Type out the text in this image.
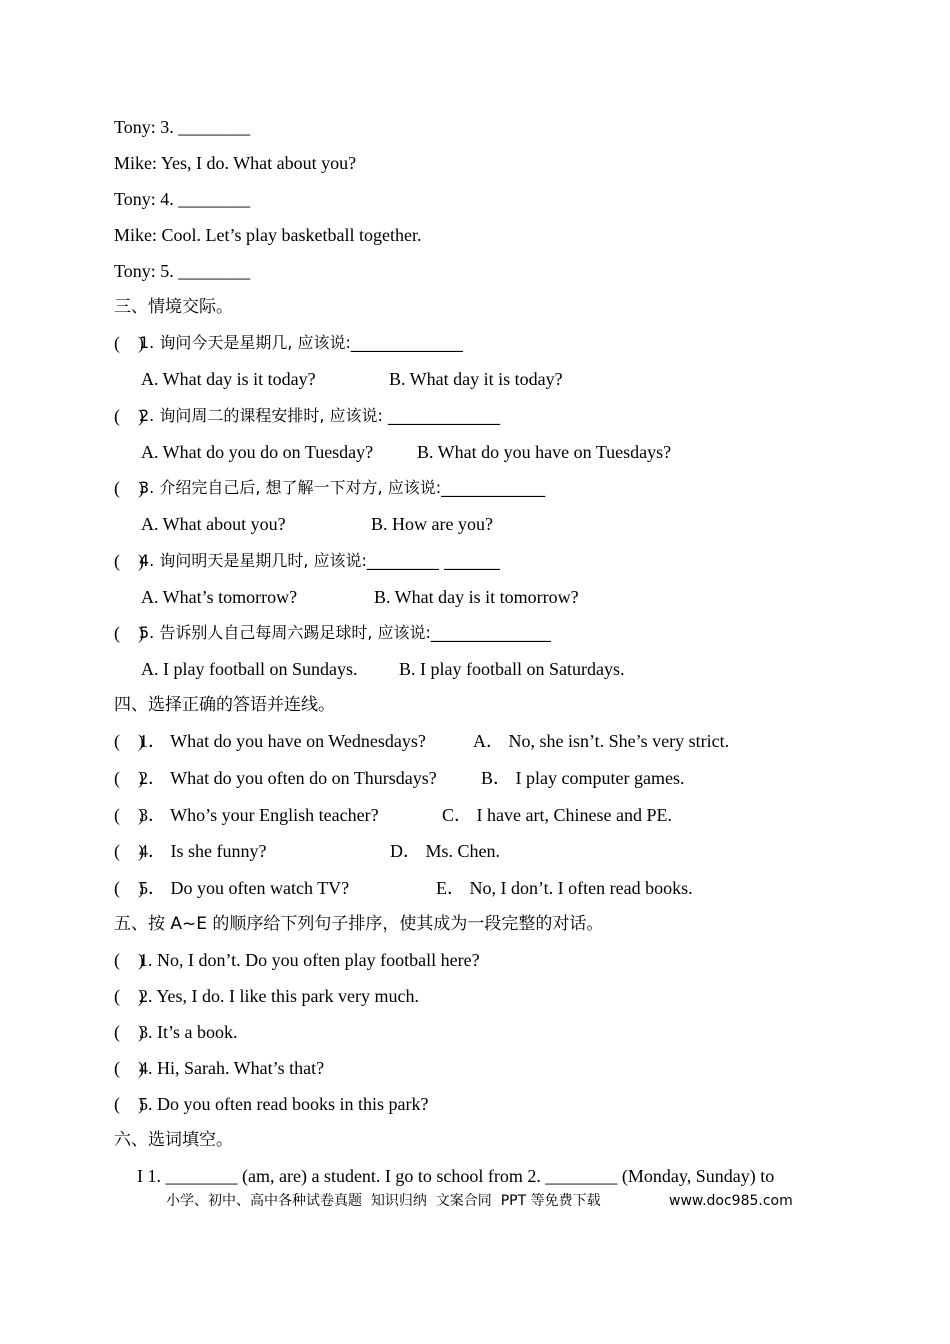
Tony: 3. ________
Mike: Yes, I do. What about you?
Tony: 4. ________
Mike: Cool. Let’s play basketball together.
Tony: 5. ________
三、情境交际。
(    )
1. 询问今天是星期几, 应该说:______________
A. What day is it today?	B. What day it is today?
(    )
2. 询问周二的课程安排时, 应该说: ______________
A. What do you do on Tuesday? B. What do you have on Tuesdays?
(    )
3. 介绍完自己后, 想了解一下对方, 应该说:_____________
A. What about you?	B. How are you?
(    )
4. 询问明天是星期几时, 应该说:_________ _______
A. What’s tomorrow?	B. What day is it tomorrow?
(    )
5. 告诉别人自己每周六踢足球时, 应该说:_______________
A. I play football on Sundays. B. I play football on Saturdays.
四、选择正确的答语并连线。
(    )
1． What do you have on Wednesdays?	A． No, she isn’t. She’s very strict.
(    )
2． What do you often do on Thursdays? B． I play computer games.
(    )
3． Who’s your English teacher?	C． I have art, Chinese and PE.
(    )
4． Is she funny?	D． Ms. Chen.
(    )
5． Do you often watch TV?	E． No, I don’t. I often read books.
五、按 A~E 的顺序给下列句子排序，使其成为一段完整的对话。
(    )
1. No, I don’t. Do you often play football here?
(    )
2. Yes, I do. I like this park very much.
(    )
3. It’s a book.
(    )
4. Hi, Sarah. What’s that?
(    )
5. Do you often read books in this park?
六、选词填空。
I 1. ________ (am, are) a student. I go to school from 2. ________ (Monday, Sunday) to
小学、初中、高中各种试卷真题  知识归纳  文案合同  PPT 等免费下载	www.doc985.com
